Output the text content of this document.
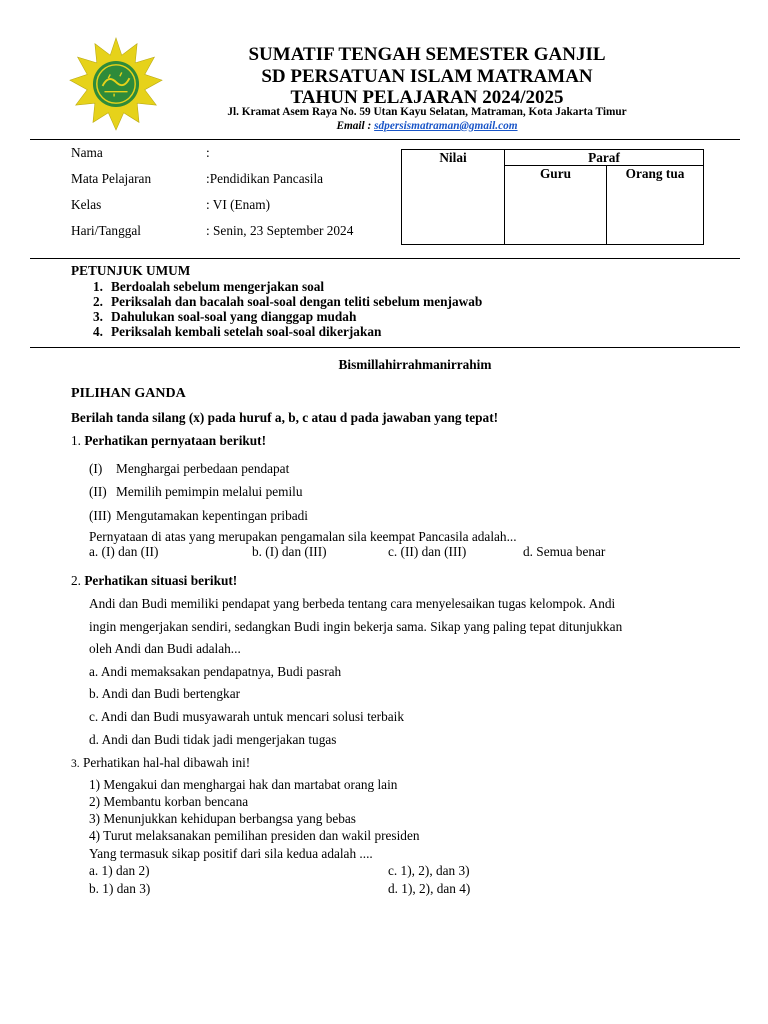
SUMATIF TENGAH SEMESTER GANJIL
SD PERSATUAN ISLAM MATRAMAN
TAHUN PELAJARAN 2024/2025
Jl. Kramat Asem Raya No. 59 Utan Kayu Selatan, Matraman, Kota Jakarta Timur
Email : sdpersismatraman@gmail.com
Nama	:
Mata Pelajaran	:Pendidikan Pancasila
Kelas	: VI (Enam)
Hari/Tanggal	: Senin, 23 September 2024
Nilai	Paraf	
	Guru	Orang tua
PETUNJUK UMUM
1. Berdoalah sebelum mengerjakan soal
2. Periksalah dan bacalah soal-soal dengan teliti sebelum menjawab
3. Dahulukan soal-soal yang dianggap mudah
4. Periksalah kembali setelah soal-soal dikerjakan
Bismillahirrahmanirrahim
PILIHAN GANDA
Berilah tanda silang (x) pada huruf a, b, c atau d pada jawaban yang tepat!
1. Perhatikan pernyataan berikut!
(I) Menghargai perbedaan pendapat
(II) Memilih pemimpin melalui pemilu
(III) Mengutamakan kepentingan pribadi
Pernyataan di atas yang merupakan pengamalan sila keempat Pancasila adalah...
a. (I) dan (II)	b. (I) dan (III)	c. (II) dan (III)	d. Semua benar
2. Perhatikan situasi berikut!
Andi dan Budi memiliki pendapat yang berbeda tentang cara menyelesaikan tugas kelompok. Andi
ingin mengerjakan sendiri, sedangkan Budi ingin bekerja sama. Sikap yang paling tepat ditunjukkan
oleh Andi dan Budi adalah...
a. Andi memaksakan pendapatnya, Budi pasrah
b. Andi dan Budi bertengkar
c. Andi dan Budi musyawarah untuk mencari solusi terbaik
d. Andi dan Budi tidak jadi mengerjakan tugas
3. Perhatikan hal-hal dibawah ini!
1) Mengakui dan menghargai hak dan martabat orang lain
2) Membantu korban bencana
3) Menunjukkan kehidupan berbangsa yang bebas
4) Turut melaksanakan pemilihan presiden dan wakil presiden
Yang termasuk sikap positif dari sila kedua adalah ....
a. 1) dan 2)	c. 1), 2), dan 3)
b. 1) dan 3)	d. 1), 2), dan 4)
